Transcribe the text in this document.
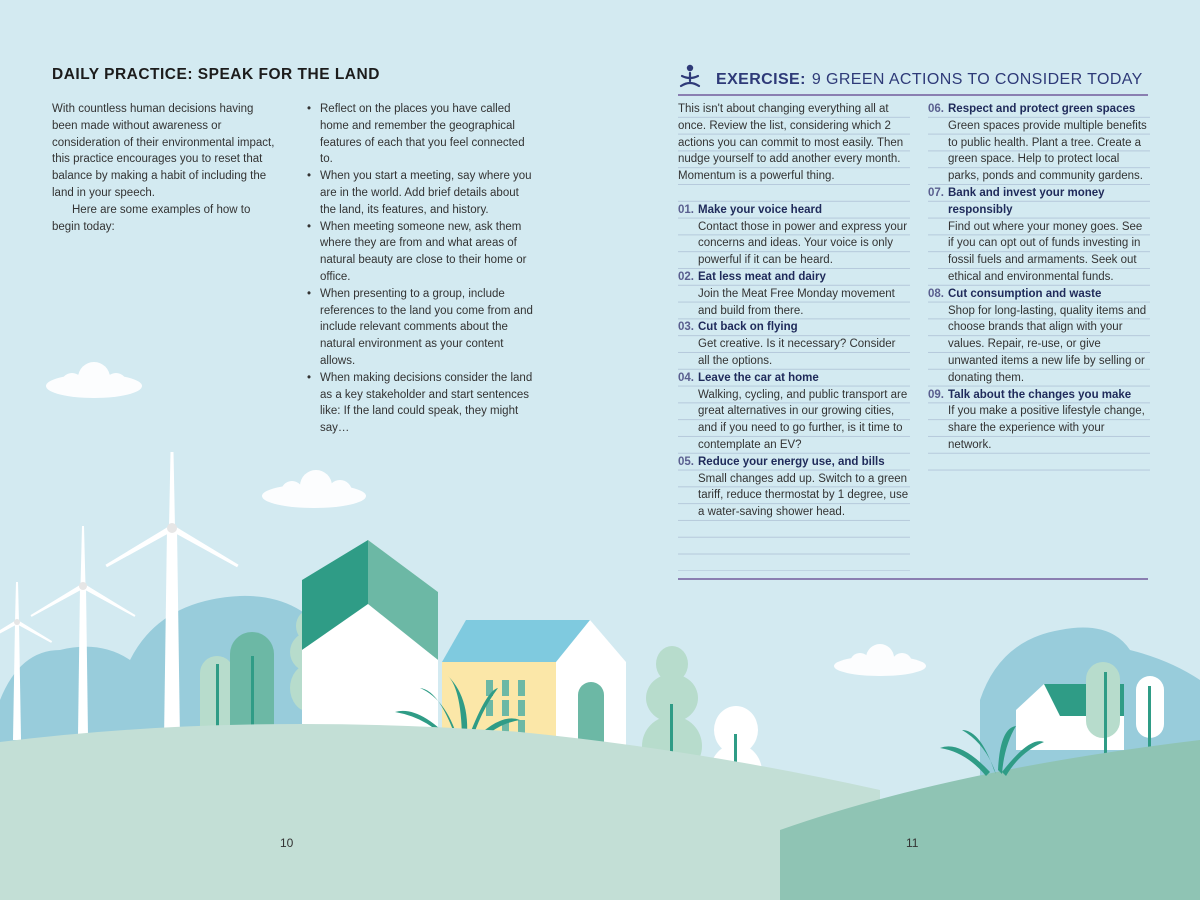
DAILY PRACTICE: SPEAK FOR THE LAND

With countless human decisions having been made without awareness or consideration of their environmental impact, this practice encourages you to reset that balance by making a habit of including the land in your speech.

Here are some examples of how to begin today:

• Reflect on the places you have called home and remember the geographical features of each that you feel connected to.
• When you start a meeting, say where you are in the world. Add brief details about the land, its features, and history.
• When meeting someone new, ask them where they are from and what areas of natural beauty are close to their home or office.
• When presenting to a group, include references to the land you come from and include relevant comments about the natural environment as your content allows.
• When making decisions consider the land as a key stakeholder and start sentences like: If the land could speak, they might say…
10
EXERCISE: 9 GREEN ACTIONS TO CONSIDER TODAY

This isn't about changing everything all at once. Review the list, considering which 2 actions you can commit to most easily. Then nudge yourself to add another every month. Momentum is a powerful thing.

01. Make your voice heard
Contact those in power and express your concerns and ideas. Your voice is only powerful if it can be heard.
02. Eat less meat and dairy
Join the Meat Free Monday movement and build from there.
03. Cut back on flying
Get creative. Is it necessary? Consider all the options.
04. Leave the car at home
Walking, cycling, and public transport are great alternatives in our growing cities, and if you need to go further, is it time to contemplate an EV?
05. Reduce your energy use, and bills
Small changes add up. Switch to a green tariff, reduce thermostat by 1 degree, use a water-saving shower head.
06. Respect and protect green spaces
Green spaces provide multiple benefits to public health. Plant a tree. Create a green space. Help to protect local parks, ponds and community gardens.
07. Bank and invest your money responsibly
Find out where your money goes. See if you can opt out of funds investing in fossil fuels and armaments. Seek out ethical and environmental funds.
08. Cut consumption and waste
Shop for long-lasting, quality items and choose brands that align with your values. Repair, re-use, or give unwanted items a new life by selling or donating them.
09. Talk about the changes you make
If you make a positive lifestyle change, share the experience with your network.
11
